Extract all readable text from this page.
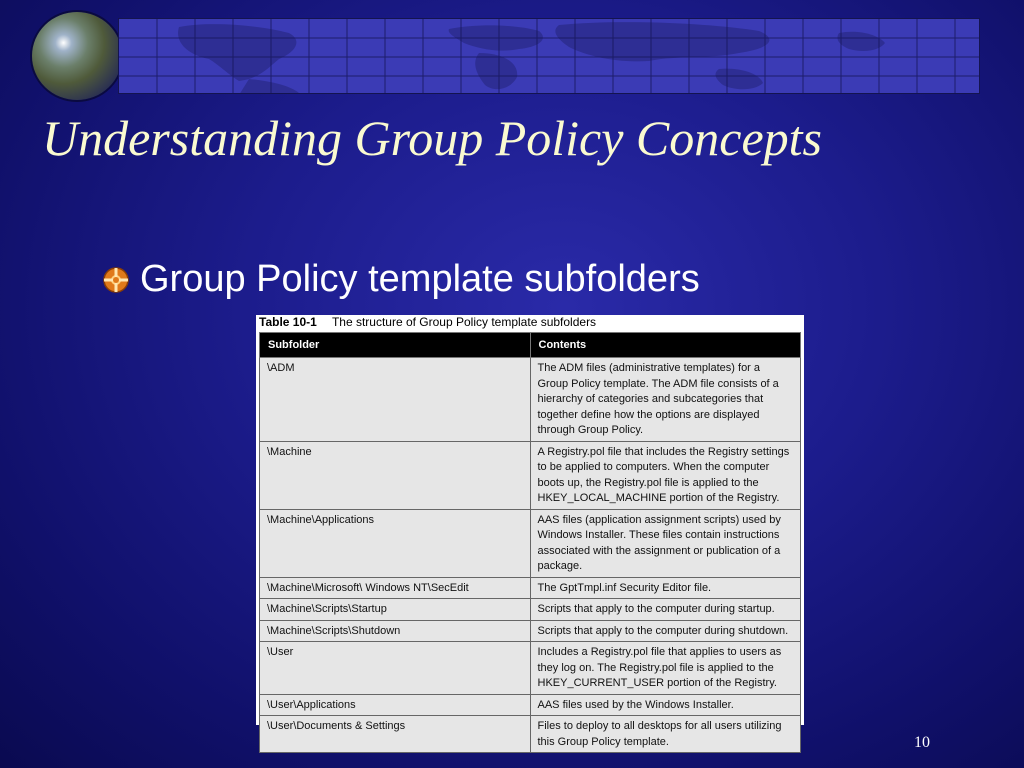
Understanding Group Policy Concepts
Group Policy template subfolders
Table 10-1 The structure of Group Policy template subfolders
Subfolder	Contents
\ADM	The ADM files (administrative templates) for a Group Policy template. The ADM file consists of a hierarchy of categories and subcategories that together define how the options are displayed through Group Policy.
\Machine	A Registry.pol file that includes the Registry settings to be applied to computers. When the computer boots up, the Registry.pol file is applied to the HKEY_LOCAL_MACHINE portion of the Registry.
\Machine\Applications	AAS files (application assignment scripts) used by Windows Installer. These files contain instructions associated with the assignment or publication of a package.
\Machine\Microsoft\ Windows NT\SecEdit	The GptTmpl.inf Security Editor file.
\Machine\Scripts\Startup	Scripts that apply to the computer during startup.
\Machine\Scripts\Shutdown	Scripts that apply to the computer during shutdown.
\User	Includes a Registry.pol file that applies to users as they log on. The Registry.pol file is applied to the HKEY_CURRENT_USER portion of the Registry.
\User\Applications	AAS files used by the Windows Installer.
\User\Documents & Settings	Files to deploy to all desktops for all users utilizing this Group Policy template.	10
